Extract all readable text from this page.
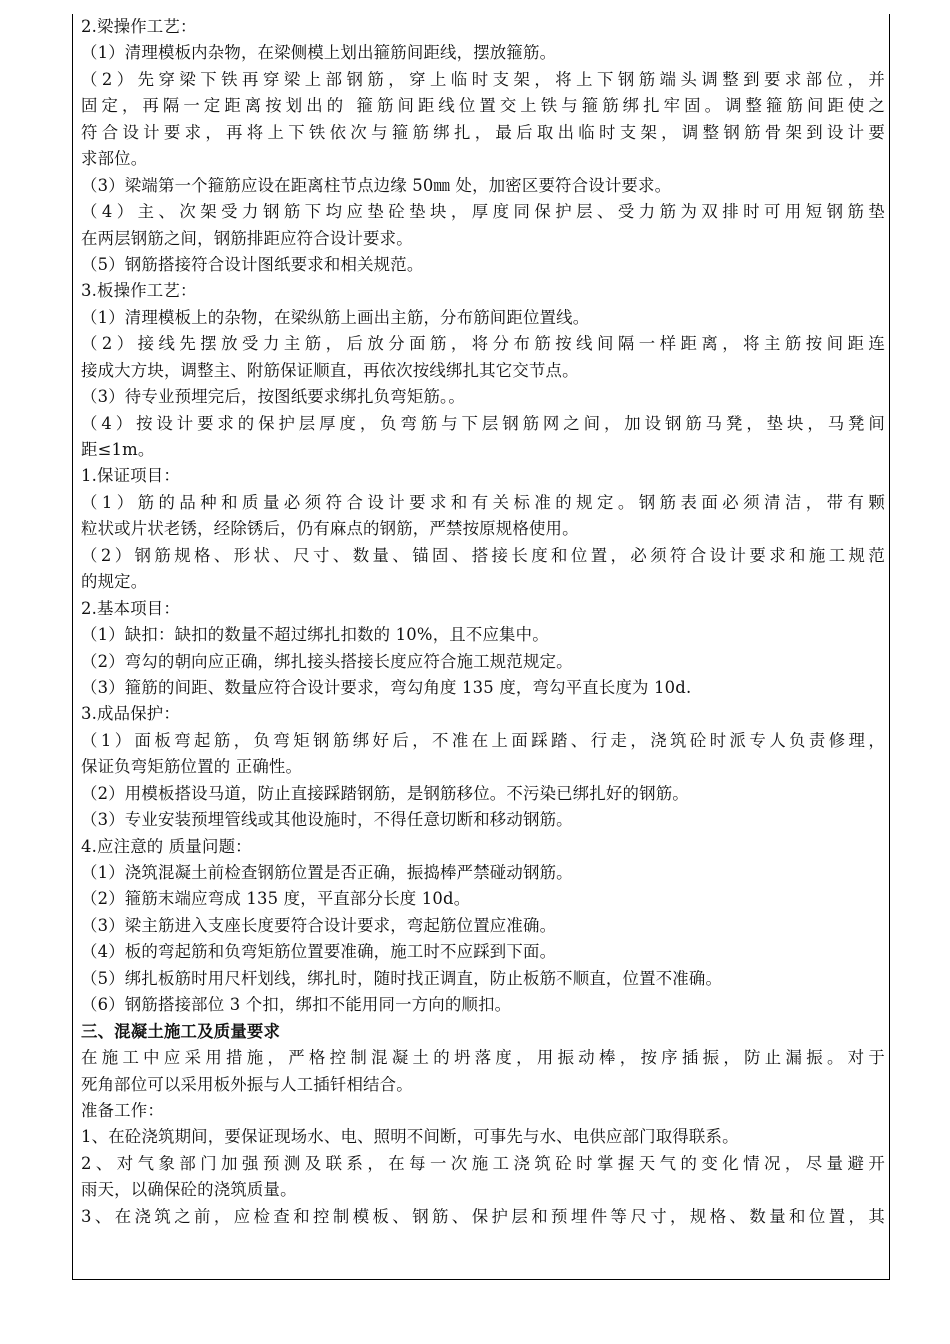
2.梁操作工艺：
（1）清理模板内杂物，在梁侧模上划出箍筋间距线，摆放箍筋。
（2）先穿梁下铁再穿梁上部钢筋，穿上临时支架，将上下钢筋端头调整到要求部位，并
固定，再隔一定距离按划出的 箍筋间距线位置交上铁与箍筋绑扎牢固。调整箍筋间距使之
符合设计要求，再将上下铁依次与箍筋绑扎，最后取出临时支架，调整钢筋骨架到设计要
求部位。
（3）梁端第一个箍筋应设在距离柱节点边缘 50㎜ 处，加密区要符合设计要求。
（4）主、次架受力钢筋下均应垫砼垫块，厚度同保护层、受力筋为双排时可用短钢筋垫
在两层钢筋之间，钢筋排距应符合设计要求。
（5）钢筋搭接符合设计图纸要求和相关规范。
3.板操作工艺：
（1）清理模板上的杂物，在梁纵筋上画出主筋，分布筋间距位置线。
（2）接线先摆放受力主筋，后放分面筋，将分布筋按线间隔一样距离，将主筋按间距连
接成大方块，调整主、附筋保证顺直，再依次按线绑扎其它交节点。
（3）待专业预埋完后，按图纸要求绑扎负弯矩筋。。
（4）按设计要求的保护层厚度，负弯筋与下层钢筋网之间，加设钢筋马凳，垫块，马凳间
距≤1m。
1.保证项目：
（1）筋的品种和质量必须符合设计要求和有关标准的规定。钢筋表面必须清洁，带有颗
粒状或片状老锈，经除锈后，仍有麻点的钢筋，严禁按原规格使用。
（2）钢筋规格、形状、尺寸、数量、锚固、搭接长度和位置，必须符合设计要求和施工规范
的规定。
2.基本项目：
（1）缺扣：缺扣的数量不超过绑扎扣数的 10%，且不应集中。
（2）弯勾的朝向应正确，绑扎接头搭接长度应符合施工规范规定。
（3）箍筋的间距、数量应符合设计要求，弯勾角度 135 度，弯勾平直长度为 10d.
3.成品保护：
（1）面板弯起筋，负弯矩钢筋绑好后，不准在上面踩踏、行走，浇筑砼时派专人负责修理，
保证负弯矩筋位置的 正确性。
（2）用模板搭设马道，防止直接踩踏钢筋，是钢筋移位。不污染已绑扎好的钢筋。
（3）专业安装预埋管线或其他设施时，不得任意切断和移动钢筋。
4.应注意的 质量问题：
（1）浇筑混凝土前检查钢筋位置是否正确，振捣棒严禁碰动钢筋。
（2）箍筋末端应弯成 135 度，平直部分长度 10d。
（3）梁主筋进入支座长度要符合设计要求，弯起筋位置应准确。
（4）板的弯起筋和负弯矩筋位置要准确，施工时不应踩到下面。
（5）绑扎板筋时用尺杆划线，绑扎时，随时找正调直，防止板筋不顺直，位置不准确。
（6）钢筋搭接部位 3 个扣，绑扣不能用同一方向的顺扣。
三、混凝土施工及质量要求
在施工中应采用措施，严格控制混凝土的坍落度，用振动棒，按序插振，防止漏振。对于
死角部位可以采用板外振与人工插钎相结合。
准备工作：
1、在砼浇筑期间，要保证现场水、电、照明不间断，可事先与水、电供应部门取得联系。
2、对气象部门加强预测及联系，在每一次施工浇筑砼时掌握天气的变化情况，尽量避开
雨天，以确保砼的浇筑质量。
3、在浇筑之前，应检查和控制模板、钢筋、保护层和预埋件等尺寸，规格、数量和位置，其
